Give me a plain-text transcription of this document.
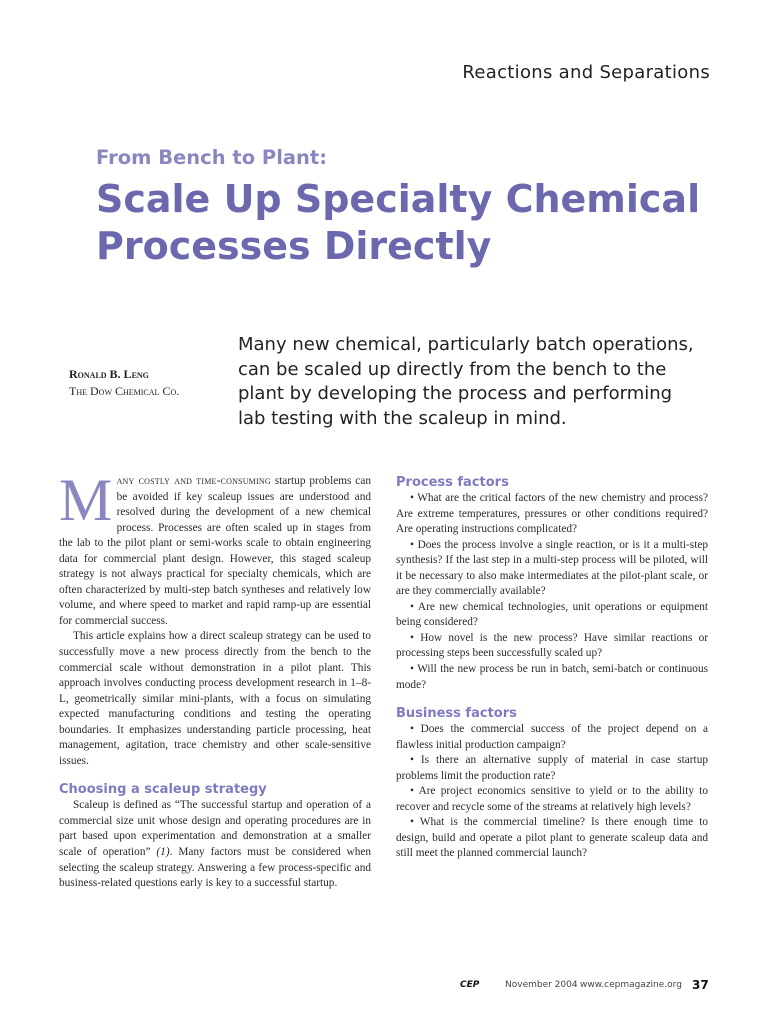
Reactions and Separations
From Bench to Plant:
Scale Up Specialty Chemical
Processes Directly
Ronald B. Leng
The Dow Chemical Co.
Many new chemical, particularly batch operations,
can be scaled up directly from the bench to the
plant by developing the process and performing
lab testing with the scaleup in mind.

Many costly and time-consuming startup problems can be avoided if key scaleup issues are understood and resolved during the development of a new chemical process. Processes are often scaled up in stages from the lab to the pilot plant or semi-works scale to obtain engineering data for commercial plant design. However, this staged scaleup strategy is not always practical for specialty chemicals, which are often characterized by multi-step batch syntheses and relatively low volume, and where speed to market and rapid ramp-up are essential for commercial success.

This article explains how a direct scaleup strategy can be used to successfully move a new process directly from the bench to the commercial scale without demonstration in a pilot plant. This approach involves conducting process development research in 1–8-L, geometrically similar mini-plants, with a focus on simulating expected manufacturing conditions and testing the operating boundaries. It emphasizes understanding particle processing, heat management, agitation, trace chemistry and other scale-sensitive issues.

Choosing a scaleup strategy

Scaleup is defined as “The successful startup and operation of a commercial size unit whose design and operating procedures are in part based upon experimentation and demonstration at a smaller scale of operation” (1). Many factors must be considered when selecting the scaleup strategy. Answering a few process-specific and business-related questions early is key to a successful startup.

Process factors

• What are the critical factors of the new chemistry and process? Are extreme temperatures, pressures or other conditions required? Are operating instructions complicated?

• Does the process involve a single reaction, or is it a multi-step synthesis? If the last step in a multi-step process will be piloted, will it be necessary to also make intermediates at the pilot-plant scale, or are they commercially available?

• Are new chemical technologies, unit operations or equipment being considered?

• How novel is the new process? Have similar reactions or processing steps been successfully scaled up?

• Will the new process be run in batch, semi-batch or continuous mode?

Business factors

• Does the commercial success of the project depend on a flawless initial production campaign?

• Is there an alternative supply of material in case startup problems limit the production rate?

• Are project economics sensitive to yield or to the ability to recover and recycle some of the streams at relatively high levels?

• What is the commercial timeline? Is there enough time to design, build and operate a pilot plant to generate scaleup data and still meet the planned commercial launch?

CEP	November 2004 www.cepmagazine.org 37
